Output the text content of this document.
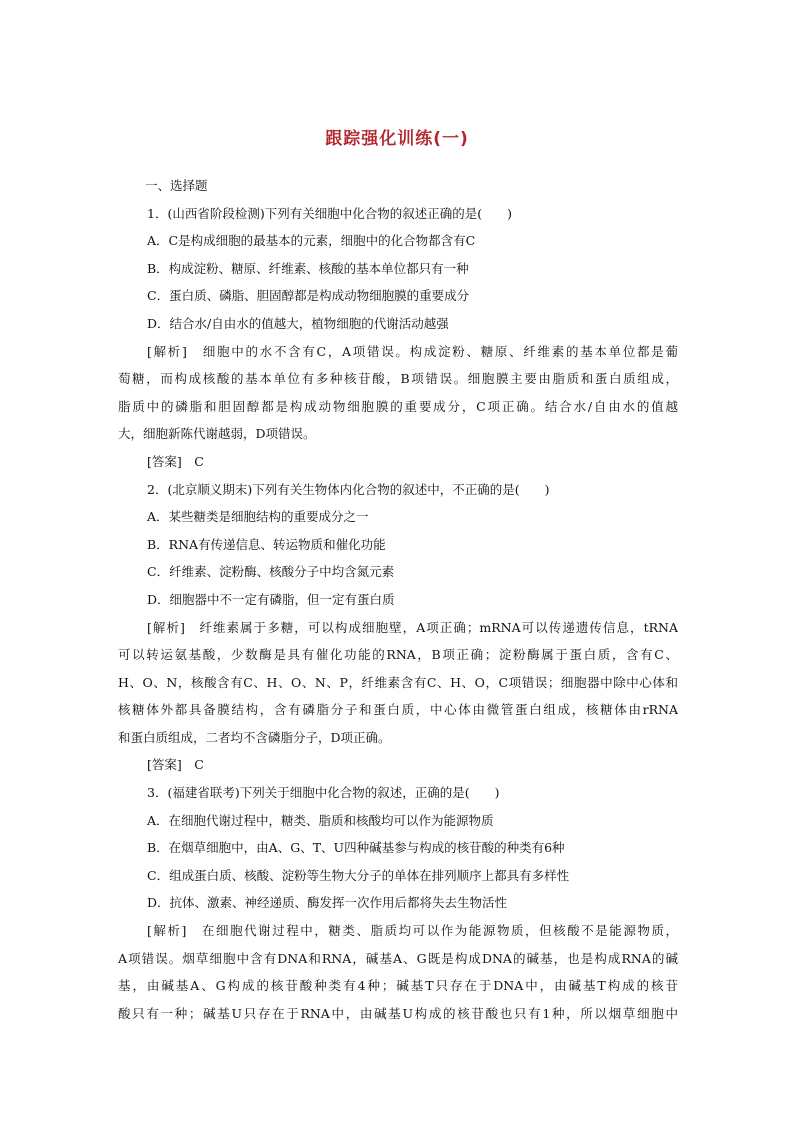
跟踪强化训练(一)
一、选择题
1．(山西省阶段检测)下列有关细胞中化合物的叙述正确的是(　　)
A．C是构成细胞的最基本的元素，细胞中的化合物都含有C
B．构成淀粉、糖原、纤维素、核酸的基本单位都只有一种
C．蛋白质、磷脂、胆固醇都是构成动物细胞膜的重要成分
D．结合水/自由水的值越大，植物细胞的代谢活动越强
[解析]　细胞中的水不含有C，A项错误。构成淀粉、糖原、纤维素的基本单位都是葡
萄糖，而构成核酸的基本单位有多种核苷酸，B项错误。细胞膜主要由脂质和蛋白质组成，
脂质中的磷脂和胆固醇都是构成动物细胞膜的重要成分，C项正确。结合水/自由水的值越
大，细胞新陈代谢越弱，D项错误。
[答案]　C
2．(北京顺义期末)下列有关生物体内化合物的叙述中，不正确的是(　　)
A．某些糖类是细胞结构的重要成分之一
B．RNA有传递信息、转运物质和催化功能
C．纤维素、淀粉酶、核酸分子中均含氮元素
D．细胞器中不一定有磷脂，但一定有蛋白质
[解析]　纤维素属于多糖，可以构成细胞壁，A项正确；mRNA可以传递遗传信息，tRNA
可以转运氨基酸，少数酶是具有催化功能的RNA，B项正确；淀粉酶属于蛋白质，含有C、
H、O、N，核酸含有C、H、O、N、P，纤维素含有C、H、O，C项错误；细胞器中除中心体和
核糖体外都具备膜结构，含有磷脂分子和蛋白质，中心体由微管蛋白组成，核糖体由rRNA
和蛋白质组成，二者均不含磷脂分子，D项正确。
[答案]　C
3．(福建省联考)下列关于细胞中化合物的叙述，正确的是(　　)
A．在细胞代谢过程中，糖类、脂质和核酸均可以作为能源物质
B．在烟草细胞中，由A、G、T、U四种碱基参与构成的核苷酸的种类有6种
C．组成蛋白质、核酸、淀粉等生物大分子的单体在排列顺序上都具有多样性
D．抗体、激素、神经递质、酶发挥一次作用后都将失去生物活性
[解析]　在细胞代谢过程中，糖类、脂质均可以作为能源物质，但核酸不是能源物质，
A项错误。烟草细胞中含有DNA和RNA，碱基A、G既是构成DNA的碱基，也是构成RNA的碱
基，由碱基A、G构成的核苷酸种类有4种；碱基T只存在于DNA中，由碱基T构成的核苷
酸只有一种；碱基U只存在于RNA中，由碱基U构成的核苷酸也只有1种，所以烟草细胞中
